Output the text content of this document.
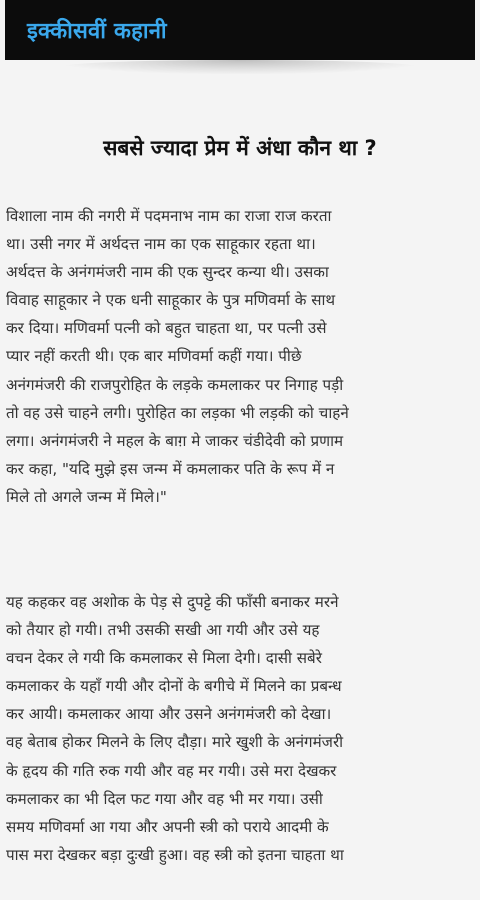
इक्कीसवीं कहानी
सबसे ज्यादा प्रेम में अंधा कौन था ?
विशाला नाम की नगरी में पदमनाभ नाम का राजा राज करता
था। उसी नगर में अर्थदत्त नाम का एक साहूकार रहता था।
अर्थदत्त के अनंगमंजरी नाम की एक सुन्दर कन्या थी। उसका
विवाह साहूकार ने एक धनी साहूकार के पुत्र मणिवर्मा के साथ
कर दिया। मणिवर्मा पत्नी को बहुत चाहता था, पर पत्नी उसे
प्यार नहीं करती थी। एक बार मणिवर्मा कहीं गया। पीछे
अनंगमंजरी की राजपुरोहित के लड़के कमलाकर पर निगाह पड़ी
तो वह उसे चाहने लगी। पुरोहित का लड़का भी लड़की को चाहने
लगा। अनंगमंजरी ने महल के बाग़ मे जाकर चंडीदेवी को प्रणाम
कर कहा, "यदि मुझे इस जन्म में कमलाकर पति के रूप में न
मिले तो अगले जन्म में मिले।"
यह कहकर वह अशोक के पेड़ से दुपट्टे की फाँसी बनाकर मरने
को तैयार हो गयी। तभी उसकी सखी आ गयी और उसे यह
वचन देकर ले गयी कि कमलाकर से मिला देगी। दासी सबेरे
कमलाकर के यहाँ गयी और दोनों के बगीचे में मिलने का प्रबन्ध
कर आयी। कमलाकर आया और उसने अनंगमंजरी को देखा।
वह बेताब होकर मिलने के लिए दौड़ा। मारे खुशी के अनंगमंजरी
के हृदय की गति रुक गयी और वह मर गयी। उसे मरा देखकर
कमलाकर का भी दिल फट गया और वह भी मर गया। उसी
समय मणिवर्मा आ गया और अपनी स्त्री को पराये आदमी के
पास मरा देखकर बड़ा दुःखी हुआ। वह स्त्री को इतना चाहता था
